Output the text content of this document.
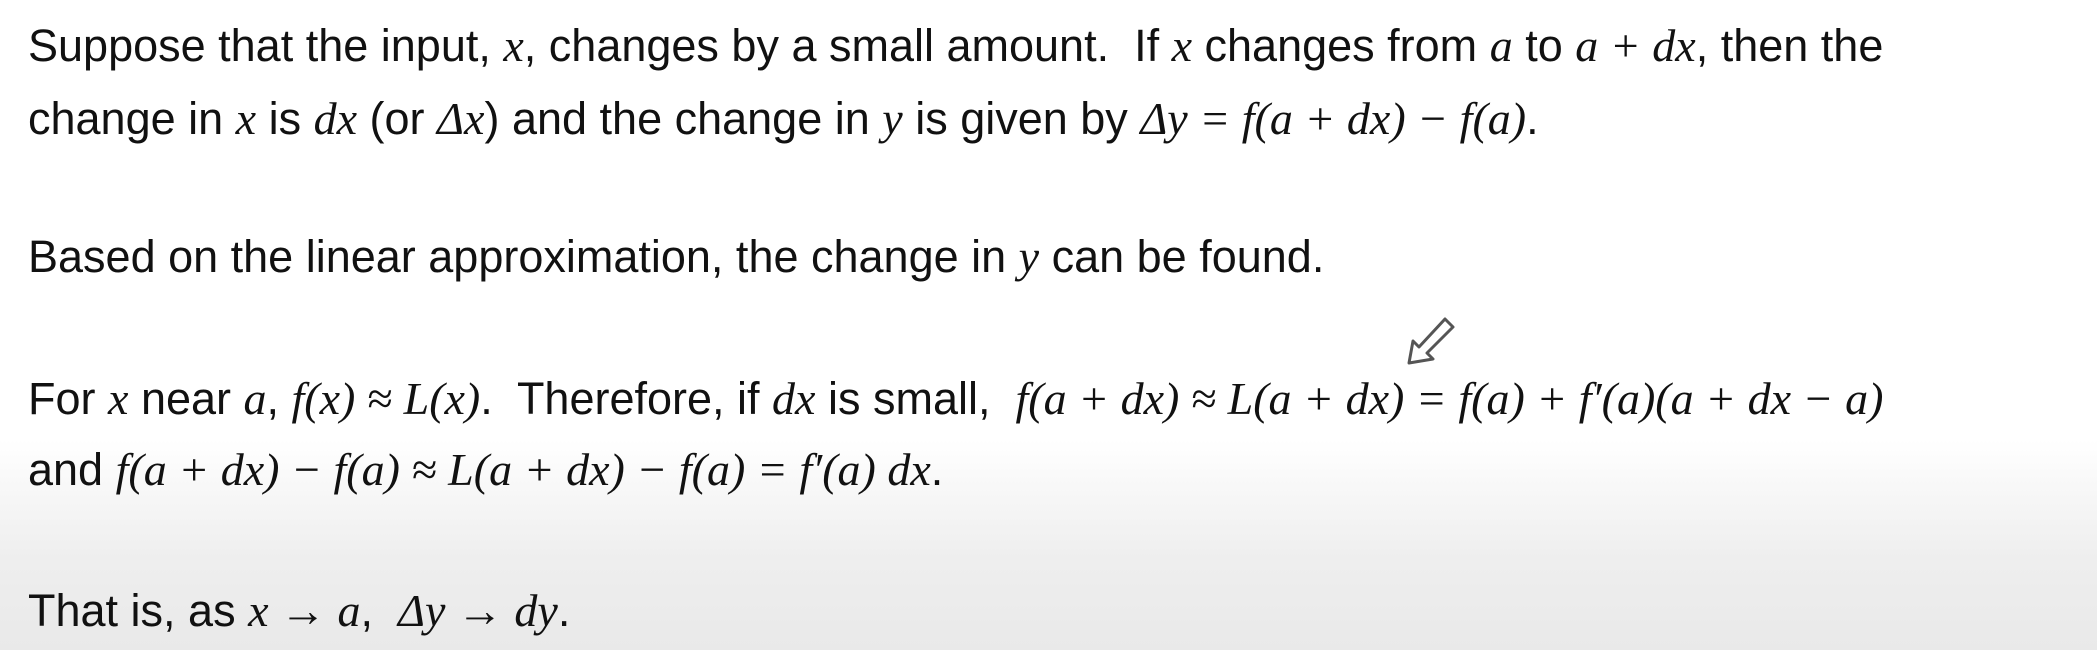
Suppose that the input, x, changes by a small amount.  If x changes from a to a + dx, then the
change in x is dx (or Δx) and the change in y is given by Δy = f(a + dx) − f(a).
Based on the linear approximation, the change in y can be found.
For x near a, f(x) ≈ L(x).  Therefore, if dx is small,  f(a + dx) ≈ L(a + dx) = f(a) + f′(a)(a + dx − a)
and f(a + dx) − f(a) ≈ L(a + dx) − f(a) = f′(a) dx.
That is, as x → a,  Δy → dy.
